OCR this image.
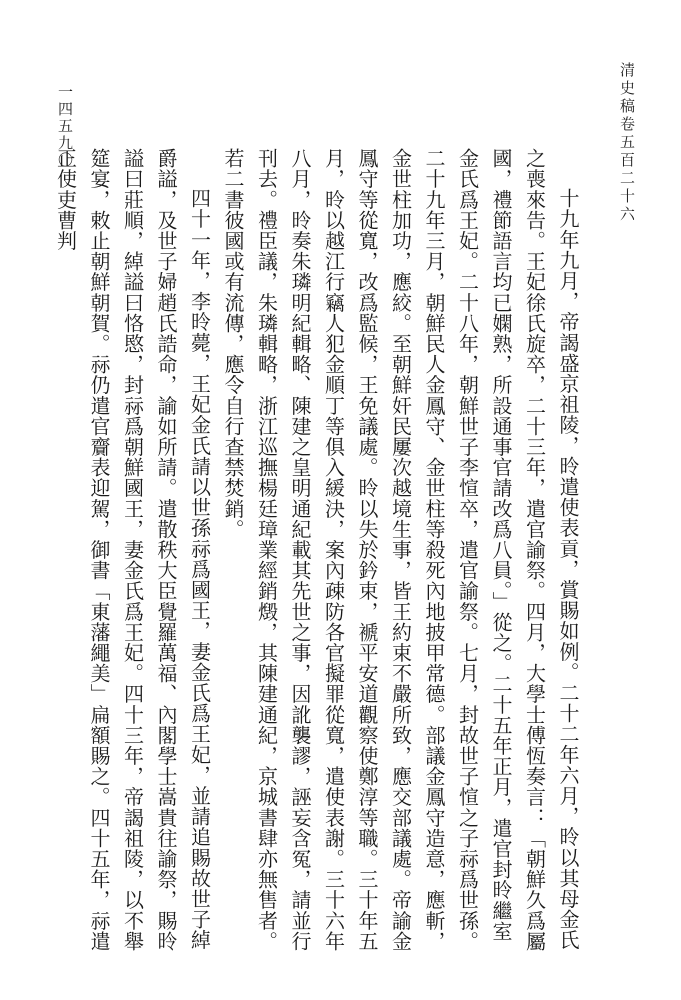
清史稿卷五百二十六
一四五九〇

十九年九月，帝謁盛京祖陵，昤遣使表貢，賞賜如例。二十二年六月，昤以其母金氏之喪來告。王妃徐氏旋卒，二十三年，遣官諭祭。四月，大學士傅恆奏言：「朝鮮久爲屬國，禮節語言均已嫻熟，所設通事官請改爲八員。」從之。二十五年正月，遣官封昤繼室金氏爲王妃。二十八年，朝鮮世子李愃卒，遣官諭祭。七月，封故世子愃之子祘爲世孫。二十九年三月，朝鮮民人金鳳守、金世柱等殺死內地披甲常德。部議金鳳守造意，應斬，金世柱加功，應絞。至朝鮮奸民屢次越境生事，皆王約束不嚴所致，應交部議處。帝諭金鳳守等從寬，改爲監候，王免議處。昤以失於鈐束，褫平安道觀察使鄭淳等職。三十年五月，昤以越江行竊人犯金順丁等俱入緩決，案內疎防各官擬罪從寬，遣使表謝。三十六年八月，昤奏朱璘明紀輯略、陳建之皇明通紀載其先世之事，因訛襲謬，誣妄含冤，請並行刊去。禮臣議，朱璘輯略，浙江巡撫楊廷璋業經銷燬，其陳建通紀，京城書肆亦無售者。若二書彼國或有流傳，應令自行查禁焚銷。

四十一年，李昤薨，王妃金氏請以世孫祘爲國王，妻金氏爲王妃，並請追賜故世子綽爵謚，及世子婦趙氏誥命，諭如所請。遣散秩大臣覺羅萬福、內閣學士嵩貴往諭祭，賜昤謚曰莊順，綽謚曰恪愍，封祘爲朝鮮國王，妻金氏爲王妃。四十三年，帝謁祖陵，以不舉筵宴，敕止朝鮮朝賀。祘仍遣官齎表迎駕，御書「東藩繩美」扁額賜之。四十五年，祘遣正使吏曹判
